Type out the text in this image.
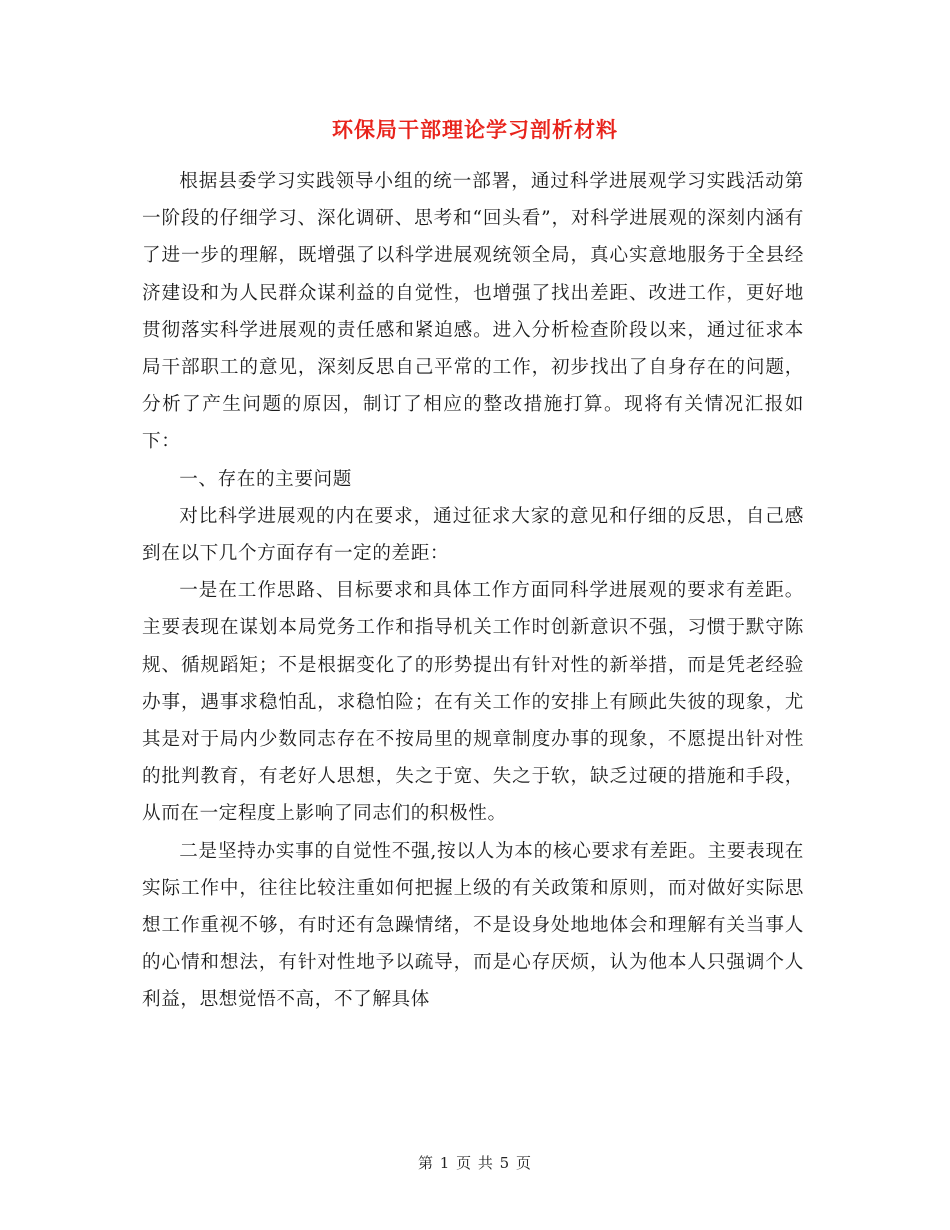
环保局干部理论学习剖析材料

根据县委学习实践领导小组的统一部署，通过科学进展观学习实践活动第一阶段的仔细学习、深化调研、思考和“回头看”，对科学进展观的深刻内涵有了进一步的理解，既增强了以科学进展观统领全局，真心实意地服务于全县经济建设和为人民群众谋利益的自觉性，也增强了找出差距、改进工作，更好地贯彻落实科学进展观的责任感和紧迫感。进入分析检查阶段以来，通过征求本局干部职工的意见，深刻反思自己平常的工作，初步找出了自身存在的问题，分析了产生问题的原因，制订了相应的整改措施打算。现将有关情况汇报如下：

一、存在的主要问题

对比科学进展观的内在要求，通过征求大家的意见和仔细的反思，自己感到在以下几个方面存有一定的差距：

一是在工作思路、目标要求和具体工作方面同科学进展观的要求有差距。主要表现在谋划本局党务工作和指导机关工作时创新意识不强，习惯于默守陈规、循规蹈矩；不是根据变化了的形势提出有针对性的新举措，而是凭老经验办事，遇事求稳怕乱，求稳怕险；在有关工作的安排上有顾此失彼的现象，尤其是对于局内少数同志存在不按局里的规章制度办事的现象，不愿提出针对性的批判教育，有老好人思想，失之于宽、失之于软，缺乏过硬的措施和手段，从而在一定程度上影响了同志们的积极性。

二是坚持办实事的自觉性不强,按以人为本的核心要求有差距。主要表现在实际工作中，往往比较注重如何把握上级的有关政策和原则，而对做好实际思想工作重视不够，有时还有急躁情绪，不是设身处地地体会和理解有关当事人的心情和想法，有针对性地予以疏导，而是心存厌烦，认为他本人只强调个人利益，思想觉悟不高，不了解具体

第 1 页 共 5 页
